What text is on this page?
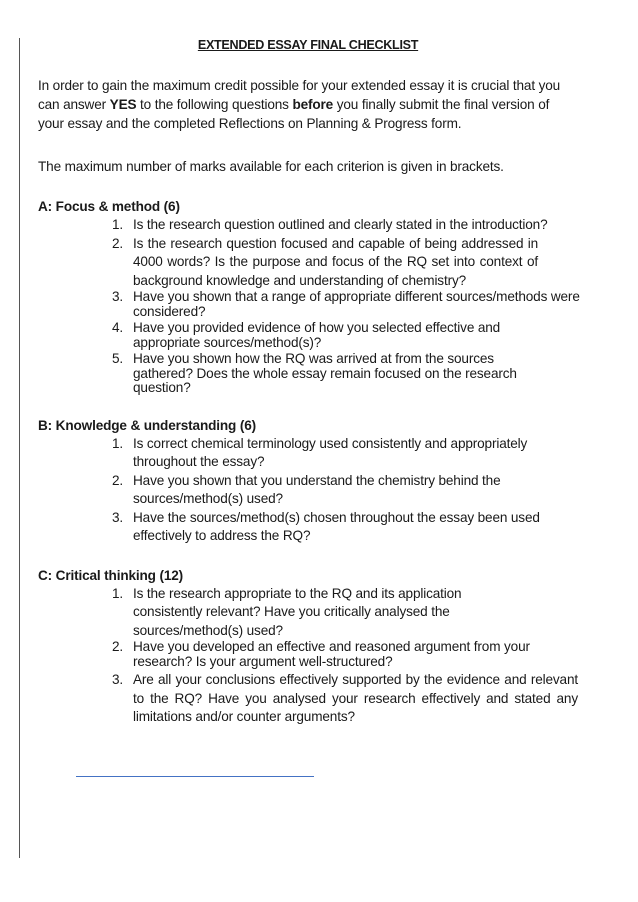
EXTENDED ESSAY FINAL CHECKLIST

In order to gain the maximum credit possible for your extended essay it is crucial that you can answer YES to the following questions before you finally submit the final version of your essay and the completed Reflections on Planning & Progress form.

The maximum number of marks available for each criterion is given in brackets.

A: Focus & method (6)
1. Is the research question outlined and clearly stated in the introduction?
2. Is the research question focused and capable of being addressed in 4000 words? Is the purpose and focus of the RQ set into context of background knowledge and understanding of chemistry?
3. Have you shown that a range of appropriate different sources/methods were considered?
4. Have you provided evidence of how you selected effective and appropriate sources/method(s)?
5. Have you shown how the RQ was arrived at from the sources gathered? Does the whole essay remain focused on the research question?
B: Knowledge & understanding (6)
1. Is correct chemical terminology used consistently and appropriately throughout the essay?
2. Have you shown that you understand the chemistry behind the sources/method(s) used?
3. Have the sources/method(s) chosen throughout the essay been used effectively to address the RQ?
C: Critical thinking (12)
1. Is the research appropriate to the RQ and its application consistently relevant? Have you critically analysed the sources/method(s) used?
2. Have you developed an effective and reasoned argument from your research? Is your argument well-structured?
3. Are all your conclusions effectively supported by the evidence and relevant to the RQ? Have you analysed your research effectively and stated any limitations and/or counter arguments?
